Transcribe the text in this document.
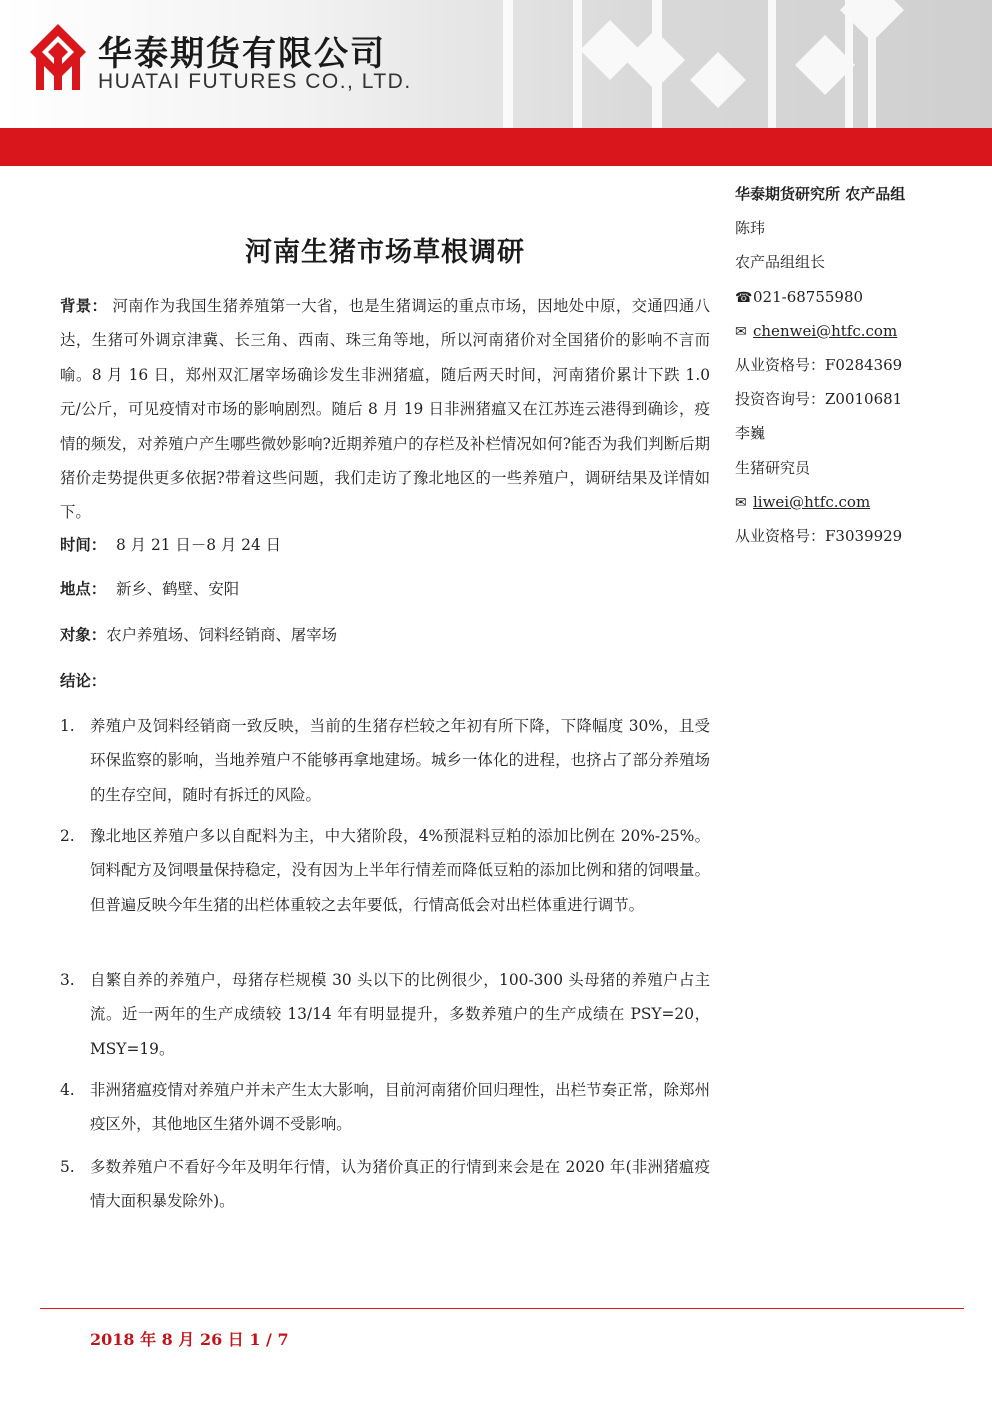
华泰期货有限公司
HUATAI FUTURES CO., LTD.
华泰期货 | 生猪专题报告 2018-08-26
华泰期货研究所 农产品组
陈玮
农产品组组长
☎021-68755980
✉ chenwei@htfc.com
从业资格号：F0284369
投资咨询号：Z0010681
李巍
生猪研究员
✉ liwei@htfc.com
从业资格号：F3039929
河南生猪市场草根调研
背景： 河南作为我国生猪养殖第一大省，也是生猪调运的重点市场，因地处中原，交通四通八达，生猪可外调京津冀、长三角、西南、珠三角等地，所以河南猪价对全国猪价的影响不言而喻。8 月 16 日，郑州双汇屠宰场确诊发生非洲猪瘟，随后两天时间，河南猪价累计下跌 1.0 元/公斤，可见疫情对市场的影响剧烈。随后 8 月 19 日非洲猪瘟又在江苏连云港得到确诊，疫情的频发，对养殖户产生哪些微妙影响?近期养殖户的存栏及补栏情况如何?能否为我们判断后期猪价走势提供更多依据?带着这些问题，我们走访了豫北地区的一些养殖户，调研结果及详情如下。
时间： 8 月 21 日－8 月 24 日
地点： 新乡、鹤壁、安阳
对象：农户养殖场、饲料经销商、屠宰场
结论：
1. 养殖户及饲料经销商一致反映，当前的生猪存栏较之年初有所下降，下降幅度 30%，且受环保监察的影响，当地养殖户不能够再拿地建场。城乡一体化的进程，也挤占了部分养殖场的生存空间，随时有拆迁的风险。
2. 豫北地区养殖户多以自配料为主，中大猪阶段，4%预混料豆粕的添加比例在 20%-25%。饲料配方及饲喂量保持稳定，没有因为上半年行情差而降低豆粕的添加比例和猪的饲喂量。但普遍反映今年生猪的出栏体重较之去年要低，行情高低会对出栏体重进行调节。
3. 自繁自养的养殖户，母猪存栏规模 30 头以下的比例很少，100-300 头母猪的养殖户占主流。近一两年的生产成绩较 13/14 年有明显提升，多数养殖户的生产成绩在 PSY=20，MSY=19。
4. 非洲猪瘟疫情对养殖户并未产生太大影响，目前河南猪价回归理性，出栏节奏正常，除郑州疫区外，其他地区生猪外调不受影响。
5. 多数养殖户不看好今年及明年行情，认为猪价真正的行情到来会是在 2020 年(非洲猪瘟疫情大面积暴发除外)。
2018 年 8 月 26 日 1 / 7
